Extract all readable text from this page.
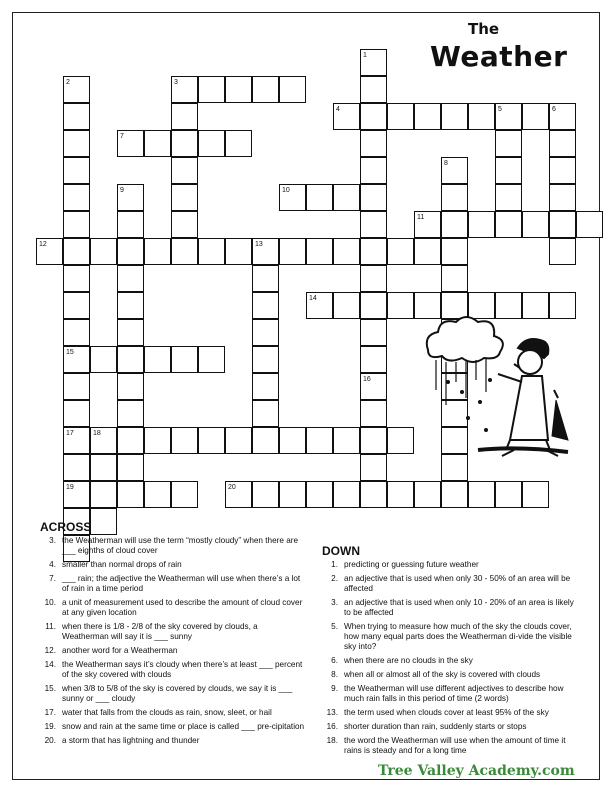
The
Weather
1
16
2
15
17
19
3
4	5	6
7
8
9	10
11
12	13
14
18
20
ACROSS
3. the Weatherman will use the term “mostly cloudy” when there are ___ eighths of cloud cover
4. smaller than normal drops of rain
7. ___ rain; the adjective the Weatherman will use when there’s a lot of rain in a time period
10. a unit of measurement used to describe the amount of cloud cover at any given location
11. when there is 1/8 - 2/8 of the sky covered by clouds, a Weatherman will say it is ___ sunny
12. another word for a Weatherman
14. the Weatherman says it’s cloudy when there’s at least ___ percent of the sky covered with clouds
15. when 3/8 to 5/8 of the sky is covered by clouds, we say it is ___ sunny or ___ cloudy
17. water that falls from the clouds as rain, snow, sleet, or hail
19. snow and rain at the same time or place is called ___ pre-cipitation
20. a storm that has lightning and thunder
DOWN
1. predicting or guessing future weather
2. an adjective that is used when only 30 - 50% of an area will be affected
3. an adjective that is used when only 10 - 20% of an area is likely to be affected
5. When trying to measure how much of the sky the clouds cover, how many equal parts does the Weatherman di-vide the visible sky into?
6. when there are no clouds in the sky
8. when all or almost all of the sky is covered with clouds
9. the Weatherman will use different adjectives to describe how much rain falls in this period of time (2 words)
13. the term used when clouds cover at least 95% of the sky
16. shorter duration than rain, suddenly starts or stops
18. the word the Weatherman will use when the amount of time it rains is steady and for a long time
Tree Valley Academy.com
